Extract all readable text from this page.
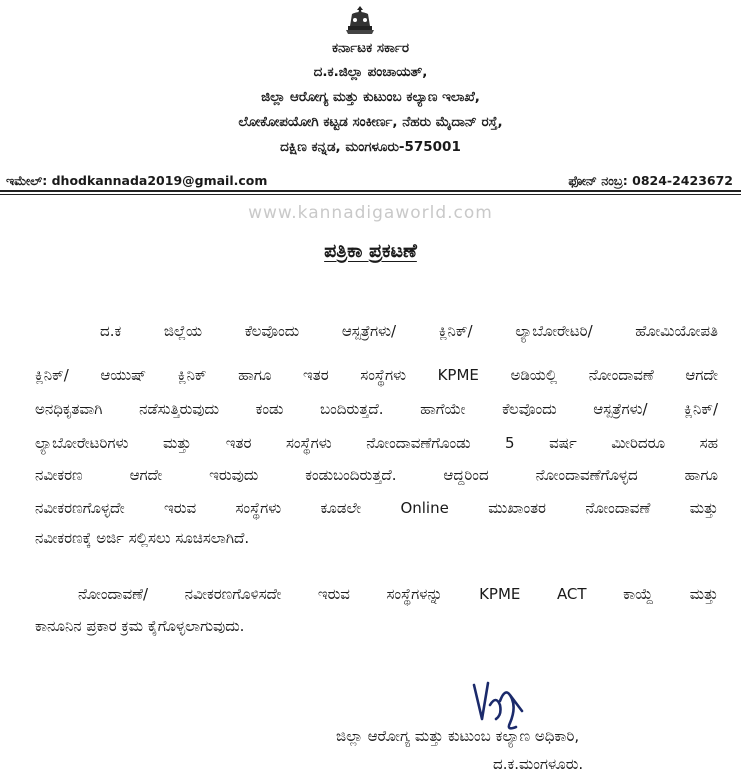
ಕರ್ನಾಟಕ ಸರ್ಕಾರ
ದ.ಕ.ಜಿಲ್ಲಾ ಪಂಚಾಯತ್,
ಜಿಲ್ಲಾ ಆರೋಗ್ಯ ಮತ್ತು ಕುಟುಂಬ ಕಲ್ಯಾಣ ಇಲಾಖೆ,
ಲೋಕೋಪಯೋಗಿ ಕಟ್ಟಡ ಸಂಕೀರ್ಣ, ನೆಹರು ಮೈದಾನ್ ರಸ್ತೆ,
ದಕ್ಷಿಣ ಕನ್ನಡ, ಮಂಗಳೂರು-575001
ಇಮೇಲ್: dhodkannada2019@gmail.com	ಫೋನ್ ನಂಬ್ರ: 0824-2423672
www.kannadigaworld.com
ಪತ್ರಿಕಾ ಪ್ರಕಟಣೆ
ದ.ಕ ಜಿಲ್ಲೆಯ ಕೆಲವೊಂದು ಆಸ್ಪತ್ರೆಗಳು/ ಕ್ಲಿನಿಕ್/ ಲ್ಯಾಬೋರೇಟರಿ/ ಹೋಮಿಯೋಪತಿ
ಕ್ಲಿನಿಕ್/ ಆಯುಷ್ ಕ್ಲಿನಿಕ್ ಹಾಗೂ ಇತರ ಸಂಸ್ಥೆಗಳು KPME ಅಡಿಯಲ್ಲಿ ನೋಂದಾವಣೆ ಆಗದೇ
ಅನಧಿಕೃತವಾಗಿ ನಡೆಸುತ್ತಿರುವುದು ಕಂಡು ಬಂದಿರುತ್ತದೆ. ಹಾಗೆಯೇ ಕೆಲವೊಂದು ಆಸ್ಪತ್ರೆಗಳು/ ಕ್ಲಿನಿಕ್/
ಲ್ಯಾಬೋರೇಟರಿಗಳು ಮತ್ತು ಇತರ ಸಂಸ್ಥೆಗಳು ನೋಂದಾವಣೆಗೊಂಡು 5 ವರ್ಷ ಮೀರಿದರೂ ಸಹ
ನವೀಕರಣ ಆಗದೇ ಇರುವುದು ಕಂಡುಬಂದಿರುತ್ತದೆ. ಆದ್ದರಿಂದ ನೋಂದಾವಣೆಗೊಳ್ಳದ ಹಾಗೂ
ನವೀಕರಣಗೊಳ್ಳದೇ ಇರುವ ಸಂಸ್ಥೆಗಳು ಕೂಡಲೇ Online ಮುಖಾಂತರ ನೋಂದಾವಣೆ ಮತ್ತು
ನವೀಕರಣಕ್ಕೆ ಅರ್ಜಿ ಸಲ್ಲಿಸಲು ಸೂಚಿಸಲಾಗಿದೆ.
ನೋಂದಾವಣೆ/ ನವೀಕರಣಗೊಳಿಸದೇ ಇರುವ ಸಂಸ್ಥೆಗಳನ್ನು KPME ACT ಕಾಯ್ದೆ ಮತ್ತು
ಕಾನೂನಿನ ಪ್ರಕಾರ ಕ್ರಮ ಕೈಗೊಳ್ಳಲಾಗುವುದು.
ಜಿಲ್ಲಾ ಆರೋಗ್ಯ ಮತ್ತು ಕುಟುಂಬ ಕಲ್ಯಾಣ ಅಧಿಕಾರಿ,
ದ.ಕ.ಮಂಗಳೂರು.
